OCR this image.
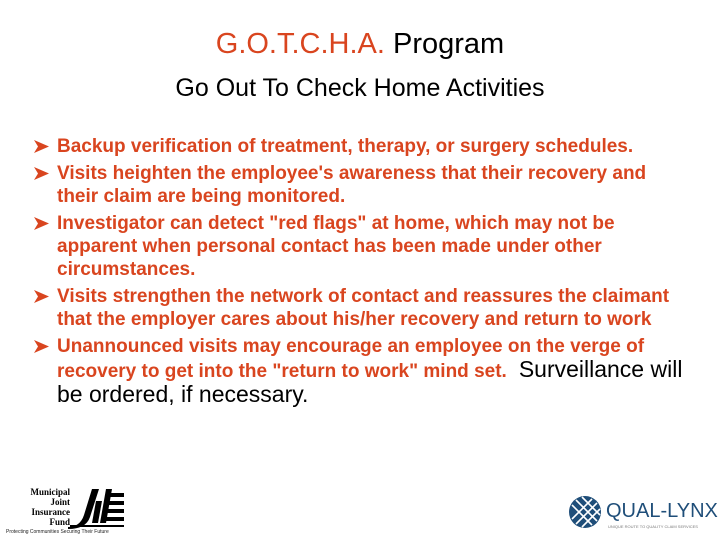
G.O.T.C.H.A. Program
Go Out To Check Home Activities
Backup verification of treatment, therapy, or surgery schedules.
Visits heighten the employee's awareness that their recovery and their claim are being monitored.
Investigator can detect "red flags" at home, which may not be apparent when personal contact has been made under other circumstances.
Visits strengthen the network of contact and reassures the claimant that the employer cares about his/her recovery and return to work
Unannounced visits may encourage an employee on the verge of recovery to get into the "return to work" mind set. Surveillance will be ordered, if necessary.
Municipal
Joint
Insurance
Fund
Protecting Communities Securing Their Future
QUAL-LYNX
UNIQUE ROUTE TO QUALITY CLAIM SERVICES
